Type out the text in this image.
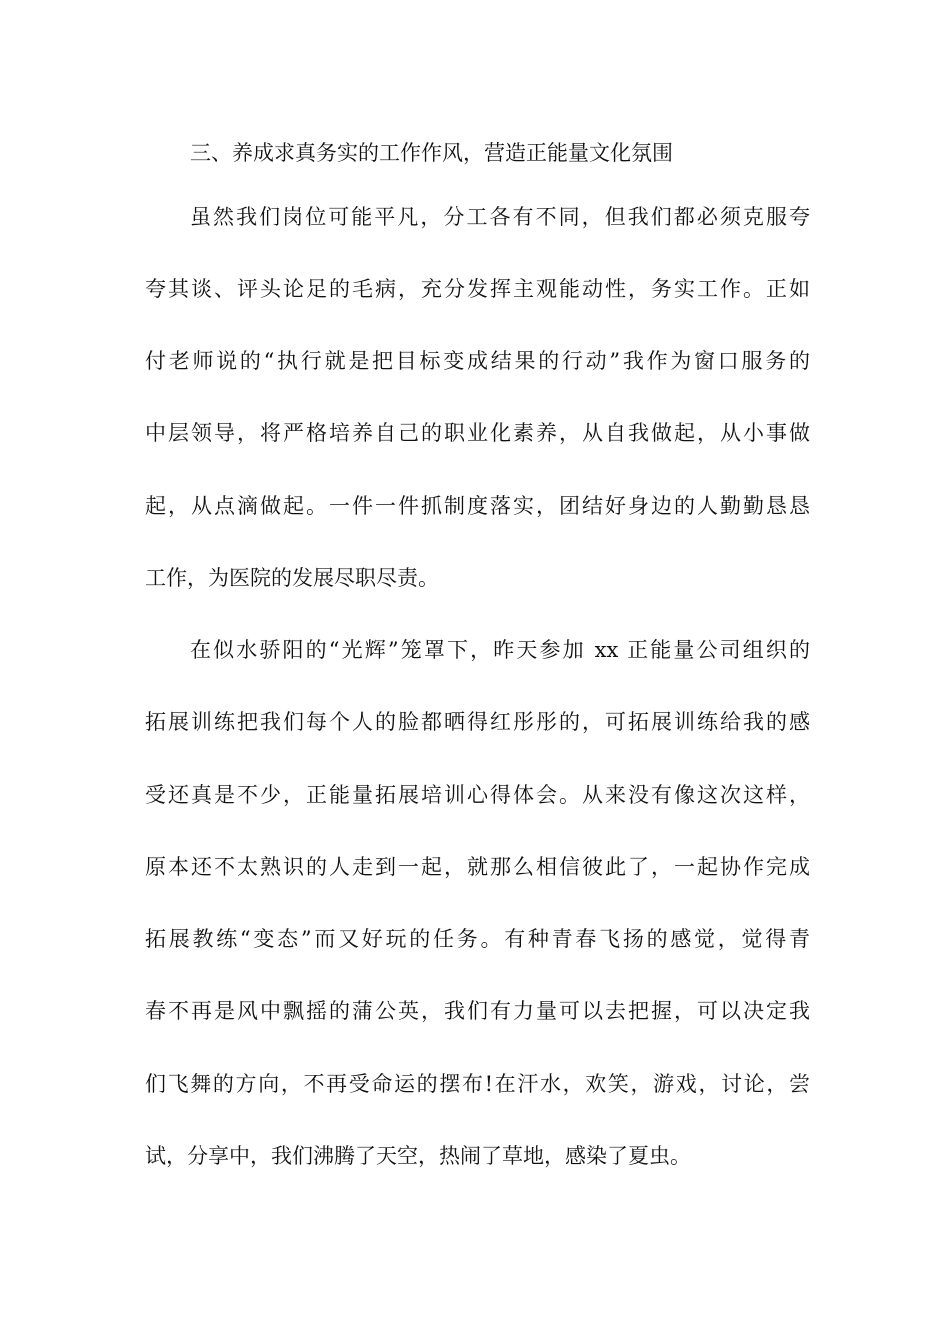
三、养成求真务实的工作作风，营造正能量文化氛围
虽然我们岗位可能平凡，分工各有不同，但我们都必须克服夸
夸其谈、评头论足的毛病，充分发挥主观能动性，务实工作。正如
付老师说的“执行就是把目标变成结果的行动”我作为窗口服务的
中层领导，将严格培养自己的职业化素养，从自我做起，从小事做
起，从点滴做起。一件一件抓制度落实，团结好身边的人勤勤恳恳
工作，为医院的发展尽职尽责。
在似水骄阳的“光辉”笼罩下，昨天参加 xx 正能量公司组织的
拓展训练把我们每个人的脸都晒得红彤彤的，可拓展训练给我的感
受还真是不少，正能量拓展培训心得体会。从来没有像这次这样，
原本还不太熟识的人走到一起，就那么相信彼此了，一起协作完成
拓展教练“变态”而又好玩的任务。有种青春飞扬的感觉，觉得青
春不再是风中飘摇的蒲公英，我们有力量可以去把握，可以决定我
们飞舞的方向，不再受命运的摆布!在汗水，欢笑，游戏，讨论，尝
试，分享中，我们沸腾了天空，热闹了草地，感染了夏虫。
